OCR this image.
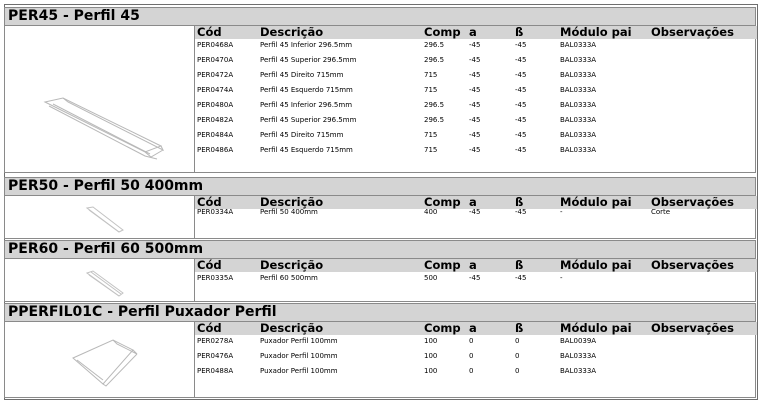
PER45 - Perfil 45
Cód	Descrição	Comp a	ß	Módulo pai	Observações
PER0468A	Perfil 45 Inferior 296.5mm	296.5	-45	-45	BAL0333A
PER0470A	Perfil 45 Superior 296.5mm	296.5	-45	-45	BAL0333A
PER0472A	Perfil 45 Direito 715mm	715	-45	-45	BAL0333A
PER0474A	Perfil 45 Esquerdo 715mm	715	-45	-45	BAL0333A
PER0480A	Perfil 45 Inferior 296.5mm	296.5	-45	-45	BAL0333A
PER0482A	Perfil 45 Superior 296.5mm	296.5	-45	-45	BAL0333A
PER0484A	Perfil 45 Direito 715mm	715	-45	-45	BAL0333A
PER0486A	Perfil 45 Esquerdo 715mm	715	-45	-45	BAL0333A
PER50 - Perfil 50 400mm
Cód	Descrição	Comp a	ß	Módulo pai	Observações
PER0334A	Perfil 50 400mm	400	-45	-45	-	Corte
PER60 - Perfil 60 500mm
Cód	Descrição	Comp a	ß	Módulo pai	Observações
PER0335A	Perfil 60 500mm	500	-45	-45	-
PPERFIL01C - Perfil Puxador Perfil
Cód	Descrição	Comp a	ß	Módulo pai	Observações
PER0278A	Puxador Perfil 100mm	100	0	0	BAL0039A
PER0476A	Puxador Perfil 100mm	100	0	0	BAL0333A
PER0488A	Puxador Perfil 100mm	100	0	0	BAL0333A
